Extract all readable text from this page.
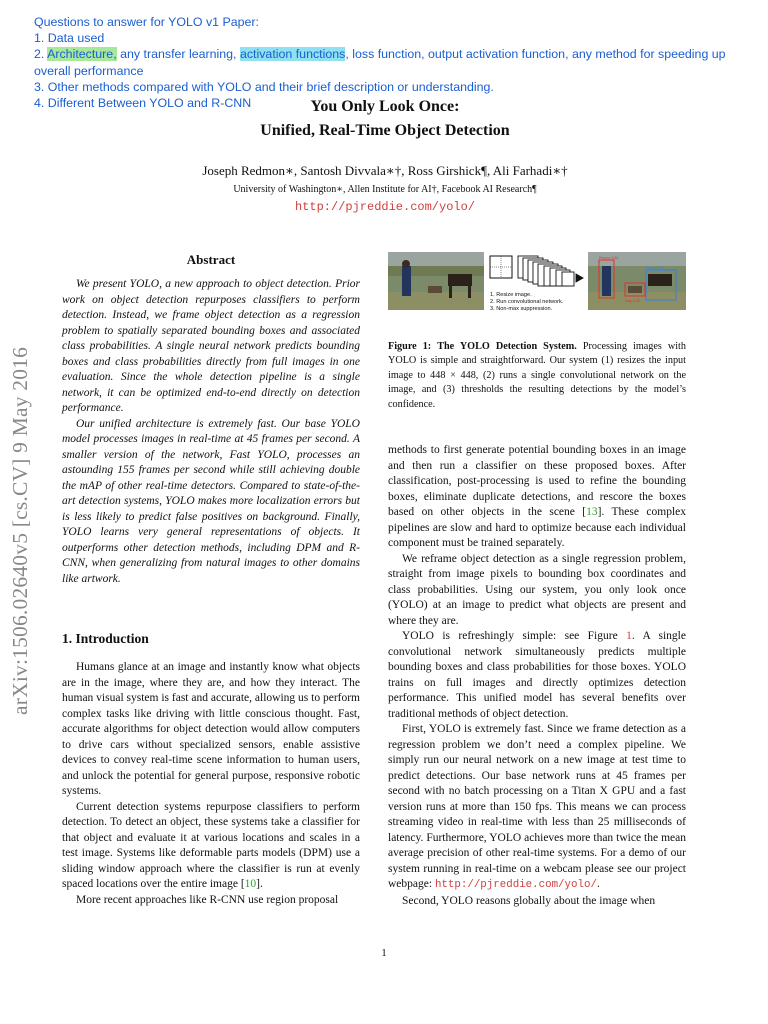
Questions to answer for YOLO v1 Paper:
1. Data used
2. Architecture, any transfer learning, activation functions, loss function, output activation function, any method for speeding up overall performance
3. Other methods compared with YOLO and their brief description or understanding.
4. Different Between YOLO and R-CNN	You Only Look Once:
Unified, Real-Time Object Detection
Joseph Redmon∗, Santosh Divvala∗†, Ross Girshick¶, Ali Farhadi∗†
University of Washington∗, Allen Institute for AI†, Facebook AI Research¶
http://pjreddie.com/yolo/
arXiv:1506.02640v5 [cs.CV] 9 May 2016
Abstract

We present YOLO, a new approach to object detection. Prior work on object detection repurposes classifiers to perform detection. Instead, we frame object detection as a regression problem to spatially separated bounding boxes and associated class probabilities. A single neural network predicts bounding boxes and class probabilities directly from full images in one evaluation. Since the whole detection pipeline is a single network, it can be optimized end-to-end directly on detection performance.

Our unified architecture is extremely fast. Our base YOLO model processes images in real-time at 45 frames per second. A smaller version of the network, Fast YOLO, processes an astounding 155 frames per second while still achieving double the mAP of other real-time detectors. Compared to state-of-the-art detection systems, YOLO makes more localization errors but is less likely to predict false positives on background. Finally, YOLO learns very general representations of objects. It outperforms other detection methods, including DPM and R-CNN, when generalizing from natural images to other domains like artwork.

1. Introduction

Humans glance at an image and instantly know what objects are in the image, where they are, and how they interact. The human visual system is fast and accurate, allowing us to perform complex tasks like driving with little conscious thought. Fast, accurate algorithms for object detection would allow computers to drive cars without specialized sensors, enable assistive devices to convey real-time scene information to human users, and unlock the potential for general purpose, responsive robotic systems.

Current detection systems repurpose classifiers to perform detection. To detect an object, these systems take a classifier for that object and evaluate it at various locations and scales in a test image. Systems like deformable parts models (DPM) use a sliding window approach where the classifier is run at evenly spaced locations over the entire image [10].

More recent approaches like R-CNN use region proposal

1. Resize image.
2. Run convolutional network.
3. Non-max suppression.
Person: 0.64
Horse: 0.28
Dog: 0.30
Figure 1: The YOLO Detection System. Processing images with YOLO is simple and straightforward. Our system (1) resizes the input image to 448 × 448, (2) runs a single convolutional network on the image, and (3) thresholds the resulting detections by the model’s confidence.

methods to first generate potential bounding boxes in an image and then run a classifier on these proposed boxes. After classification, post-processing is used to refine the bounding boxes, eliminate duplicate detections, and rescore the boxes based on other objects in the scene [13]. These complex pipelines are slow and hard to optimize because each individual component must be trained separately.

We reframe object detection as a single regression problem, straight from image pixels to bounding box coordinates and class probabilities. Using our system, you only look once (YOLO) at an image to predict what objects are present and where they are.

YOLO is refreshingly simple: see Figure 1. A single convolutional network simultaneously predicts multiple bounding boxes and class probabilities for those boxes. YOLO trains on full images and directly optimizes detection performance. This unified model has several benefits over traditional methods of object detection.

First, YOLO is extremely fast. Since we frame detection as a regression problem we don’t need a complex pipeline. We simply run our neural network on a new image at test time to predict detections. Our base network runs at 45 frames per second with no batch processing on a Titan X GPU and a fast version runs at more than 150 fps. This means we can process streaming video in real-time with less than 25 milliseconds of latency. Furthermore, YOLO achieves more than twice the mean average precision of other real-time systems. For a demo of our system running in real-time on a webcam please see our project webpage: http://pjreddie.com/yolo/.

Second, YOLO reasons globally about the image when

1
